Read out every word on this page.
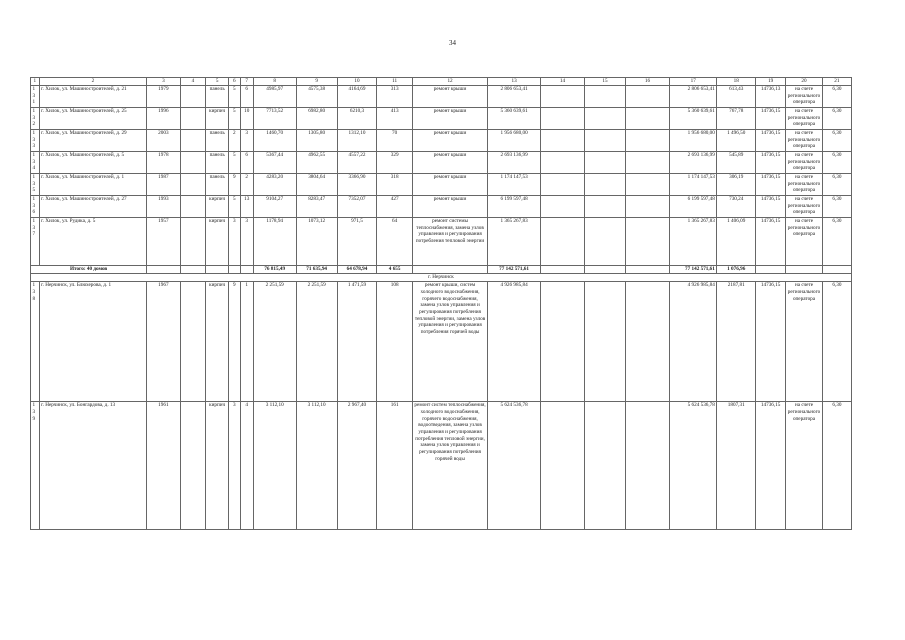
34
1	2	3	4	5	6	7	8	9	10	11	12	13	14	15	16	17	18	19	20	21
131	г. Хилок, ул. Машиностроителей, д. 21	1979		панель	5	6	4985,97	4575,38	4164,69	313	ремонт крыши	2 806 653,41				2 806 653,41	613,43	14736,13	на счете регионального оператора	6,30
132	г. Хилок, ул. Машиностроителей, д. 25	1996		кирпич	5	10	7713,52	6982,80	6210,3	413	ремонт крыши	5 360 639,61				5 360 639,61	767,78	14736,15	на счете регионального оператора	6,30
133	г. Хилок, ул. Машиностроителей, д. 29	2003		панель	2	3	1460,70	1305,80	1312,10	70	ремонт крыши	1 956 680,00				1 956 680,00	1 496,50	14736,15	на счете регионального оператора	6,30
134	г. Хилок, ул. Машиностроителей, д. 5	1978		панель	5	6	5367,44	4962,55	4557,22	329	ремонт крыши	2 693 136,99				2 693 136,99	545,89	14736,15	на счете регионального оператора	6,30
135	г. Хилок, ул. Машиностроителей, д. 1	1987		панель	9	2	4283,20	3804,64	3366,90	318	ремонт крыши	1 174 147,53				1 174 147,53	306,19	14736,15	на счете регионального оператора	6,30
136	г. Хилок, ул. Машиностроителей, д. 27	1993		кирпич	5	13	9104,27	8283,47	7352,07	427	ремонт крыши	6 199 597,48				6 199 597,48	730,24	14736,15	на счете регионального оператора	6,30
137	г. Хилок, ул. Рудика, д. 5	1957		кирпич	3	3	1178,94	1073,12	971,5	64	ремонт системы теплоснабжения, замена узлов управления и регулирования потребления тепловой энергии	1 365 267,83				1 365 267,83	1 406,09	14736,15	на счете регионального оператора	6,30
Итого: 40 домов							76 815,49	71 635,94	64 678,94	4 655		77 142 571,61				77 142 571,61	1 076,96			
г. Нерчинск																				
138	г. Нерчинск, ул. Блюхерова, д. 1	1967		кирпич	9	1	2 251,59	2 251,59	1 471,59	108	ремонт крыши, систем холодного водоснабжения, горячего водоснабжения, замена узлов управления и регулирования потребления тепловой энергии, замена узлов управления и регулирования потребления горячей воды	4 926 985,84				4 926 985,84	2187,81	14736,15	на счете регионального оператора	6,30
139	г. Нерчинск, ул. Бонгардова, д. 13	1961		кирпич	3	4	3 112,10	3 112,10	2 967,40	161	ремонт систем теплоснабжения, холодного водоснабжения, горячего водоснабжения, водоотведения, замена узлов управления и регулирования потребления тепловой энергии, замена узлов управления и регулирования потребления горячей воды	5 624 536,78				5 624 536,78	1807,31	14736,15	на счете регионального оператора	6,30
